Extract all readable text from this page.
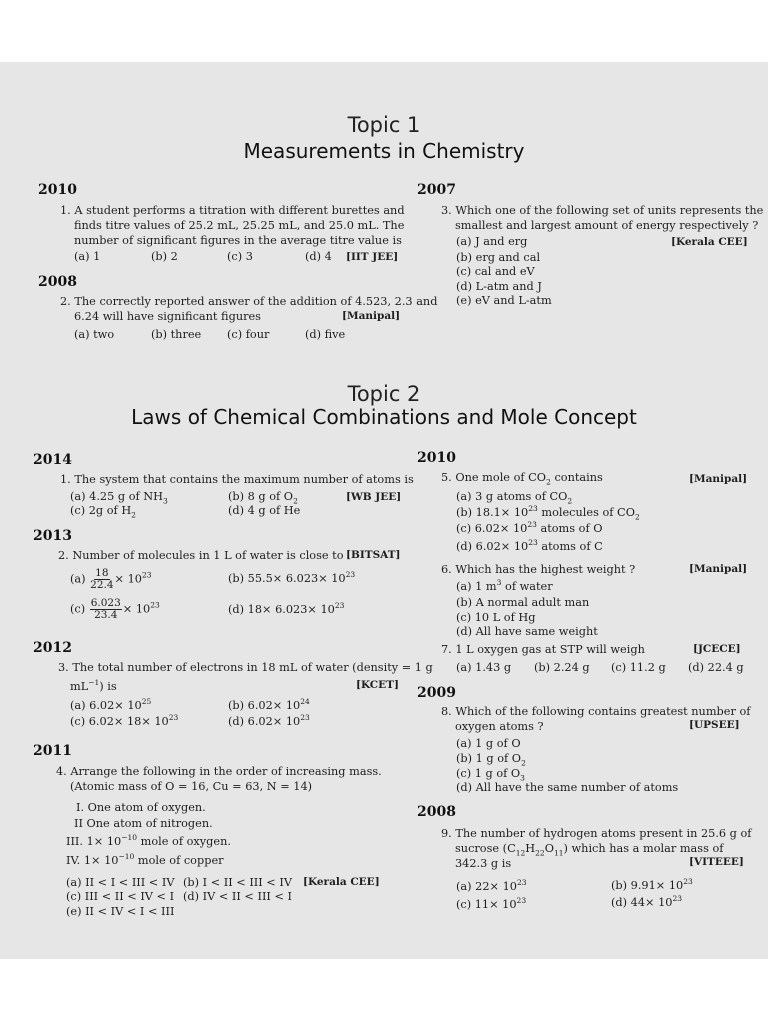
Topic 1
Measurements in Chemistry
2010
1. A student performs a titration with different burettes and
finds titre values of 25.2 mL, 25.25 mL, and 25.0 mL. The
number of significant figures in the average titre value is
(a) 1	(b) 2	(c) 3	(d) 4 [IIT JEE]
2008
2. The correctly reported answer of the addition of 4.523, 2.3 and
6.24 will have significant figures	[Manipal]
(a) two	(b) three (c) four	(d) five
2007
3. Which one of the following set of units represents the
smallest and largest amount of energy respectively ?
[Kerala CEE]
(a) J and erg
(b) erg and cal
(c) cal and eV
(d) L-atm and J
(e) eV and L-atm
Topic 2
Laws of Chemical Combinations and Mole Concept
2014
1. The system that contains the maximum number of atoms is
(a) 4.25 g of $NH_3$	(b) 8 g of $O_2$	[WB JEE]
(c) 2g of $H_2$	(d) 4 g of He
2013
2. Number of molecules in 1 L of water is close to [BITSAT]
$(a) \frac{18}{22.4} \times 10^{23}$	(b) $55.5\times 6.023\times 10^{23}$
$(c) \frac{6.023}{23.4} \times 10^{23}$	(d) $18\times 6.023\times 10^{23}$
2012
3. The total number of electrons in 18 mL of water (density = 1 g
$mL^{-1}$) is	[KCET]
(a) $6.02\times 10^{25}$	(b) $6.02\times 10^{24}$
(c) $6.02\times 18\times 10^{23}$	(d) $6.02\times 10^{23}$
2011
4. Arrange the following in the order of increasing mass.
(Atomic mass of O = 16, Cu = 63, N = 14)
I. One atom of oxygen.
II One atom of nitrogen.
III. $1\times 10^{-10}$ mole of oxygen.
IV. $1\times 10^{-10}$ mole of copper
(a) II < I < III < IV (b) I < II < III < IV [Kerala CEE]
(c) III < II < IV < I (d) IV < II < III < I
(e) II < IV < I < III
2010
5. One mole of $CO_2$ contains	[Manipal]
(a) 3 g atoms of $CO_2$
(b) $18.1\times 10^{23}$ molecules of $CO_2$
(c) $6.02\times 10^{23}$ atoms of O
(d) $6.02\times 10^{23}$ atoms of C
6. Which has the highest weight ?	[Manipal]
(a) 1 $m^3$ of water
(b) A normal adult man
(c) 10 L of Hg
(d) All have same weight
7. 1 L oxygen gas at STP will weigh	[JCECE]
(a) 1.43 g (b) 2.24 g (c) 11.2 g (d) 22.4 g
2009
8. Which of the following contains greatest number of
oxygen atoms ?	[UPSEE]
(a) 1 g of O
(b) 1 g of $O_2$
(c) 1 g of $O_3$
(d) All have the same number of atoms
2008
9. The number of hydrogen atoms present in 25.6 g of
sucrose $(C_{12}H_{22}O_{11})$ which has a molar mass of
342.3 g is	[VITEEE]
(a) $22\times 10^{23}$	(b) $9.91\times 10^{23}$
(c) $11\times 10^{23}$	(d) $44\times 10^{23}$
